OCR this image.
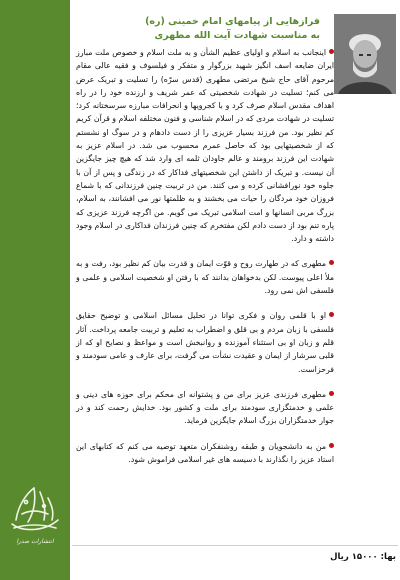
انتشارات صدرا
فرازهایی از پیامهای امام خمینی (ره)
به مناسبت شهادت آیت الله مطهری

اینجانب به اسلام و اولیای عظیم الشأن و به ملت اسلام و خصوص ملت مبارز ایران ضایعه اسف انگیز شهید بزرگوار و متفکر و فیلسوف و فقیه عالی مقام مرحوم آقای حاج شیخ مرتضی مطهری (قدس سرّه) را تسلیت و تبریک عرض می کنم؛ تسلیت در شهادت شخصیتی که عمر شریف و ارزنده خود را در راه اهداف مقدس اسلام صرف کرد و با کجرویها و انحرافات مبارزه سرسختانه کرد؛ تسلیت در شهادت مردی که در اسلام شناسی و فنون مختلفه اسلام و قرآن کریم کم نظیر بود. من فرزند بسیار عزیزی را از دست دادهام و در سوگ او نشستم که از شخصیتهایی بود که حاصل عمرم محسوب می شد. در اسلام عزیز به شهادت این فرزند برومند و عالم جاودان ثلمه ای وارد شد که هیچ چیز جایگزین آن نیست. و تبریک از داشتن این شخصیتهای فداکار که در زندگی و پس از آن با جلوه خود نورافشانی کرده و می کنند. من در تربیت چنین فرزندانی که با شماع فروزان خود مردگان را حیات می بخشند و به ظلمتها نور می افشانند، به اسلام، بزرگ مربی انسانها و امت اسلامی تبریک می گویم. من اگرچه فرزند عزیزی که پاره تنم بود از دست دادم لکن مفتخرم که چنین فرزندان فداکاری در اسلام وجود داشته و دارد.

مطهری که در طهارت روح و قوّت ایمان و قدرت بیان کم نظیر بود، رفت و به ملأ اعلی پیوست. لکن بدخواهان بدانند که با رفتن او شخصیت اسلامی و علمی و فلسفی اش نمی رود.

او با قلمی روان و فکری توانا در تحلیل مسائل اسلامی و توضیح حقایق فلسفی با زبان مردم و بی قلق و اضطراب به تعلیم و تربیت جامعه پرداخت. آثار قلم و زبان او بی استثناء آموزنده و روانبخش است و مواعظ و نصایح او که از قلبی سرشار از ایمان و عقیدت نشأت می گرفت، برای عارف و عامی سودمند و فرحزاست.

مطهری فرزندی عزیز برای من و پشتوانه ای محکم برای حوزه های دینی و علمی و خدمتگزاری سودمند برای ملت و کشور بود. خدایش رحمت کند و در جوار خدمتگزاران بزرگ اسلام جایگزین فرماید.

من به دانشجویان و طبقه روشنفکران متعهد توصیه می کنم که کتابهای این استاد عزیز را نگذارند با دسیسه های غیر اسلامی فراموش شود.

بها: ۱۵۰۰۰ ریال
